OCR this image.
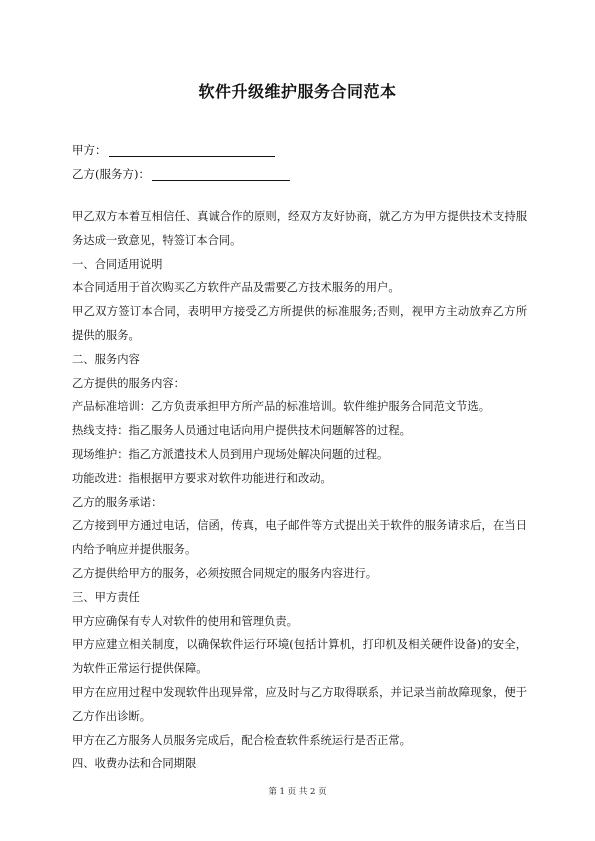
软件升级维护服务合同范本
甲方：
乙方(服务方)：

甲乙双方本着互相信任、真诚合作的原则，经双方友好协商，就乙方为甲方提供技术支持服务达成一致意见，特签订本合同。

一、合同适用说明

本合同适用于首次购买乙方软件产品及需要乙方技术服务的用户。

甲乙双方签订本合同，表明甲方接受乙方所提供的标准服务;否则，视甲方主动放弃乙方所提供的服务。

二、服务内容

乙方提供的服务内容：

产品标准培训：乙方负责承担甲方所产品的标准培训。软件维护服务合同范文节选。

热线支持：指乙服务人员通过电话向用户提供技术问题解答的过程。

现场维护：指乙方派遣技术人员到用户现场处解决问题的过程。

功能改进：指根据甲方要求对软件功能进行和改动。

乙方的服务承诺：

乙方接到甲方通过电话，信函，传真，电子邮件等方式提出关于软件的服务请求后，在当日内给予响应并提供服务。

乙方提供给甲方的服务，必须按照合同规定的服务内容进行。

三、甲方责任

甲方应确保有专人对软件的使用和管理负责。

甲方应建立相关制度，以确保软件运行环境(包括计算机，打印机及相关硬件设备)的安全，为软件正常运行提供保障。

甲方在应用过程中发现软件出现异常，应及时与乙方取得联系，并记录当前故障现象，便于乙方作出诊断。

甲方在乙方服务人员服务完成后，配合检查软件系统运行是否正常。

四、收费办法和合同期限

第 1 页 共 2 页
